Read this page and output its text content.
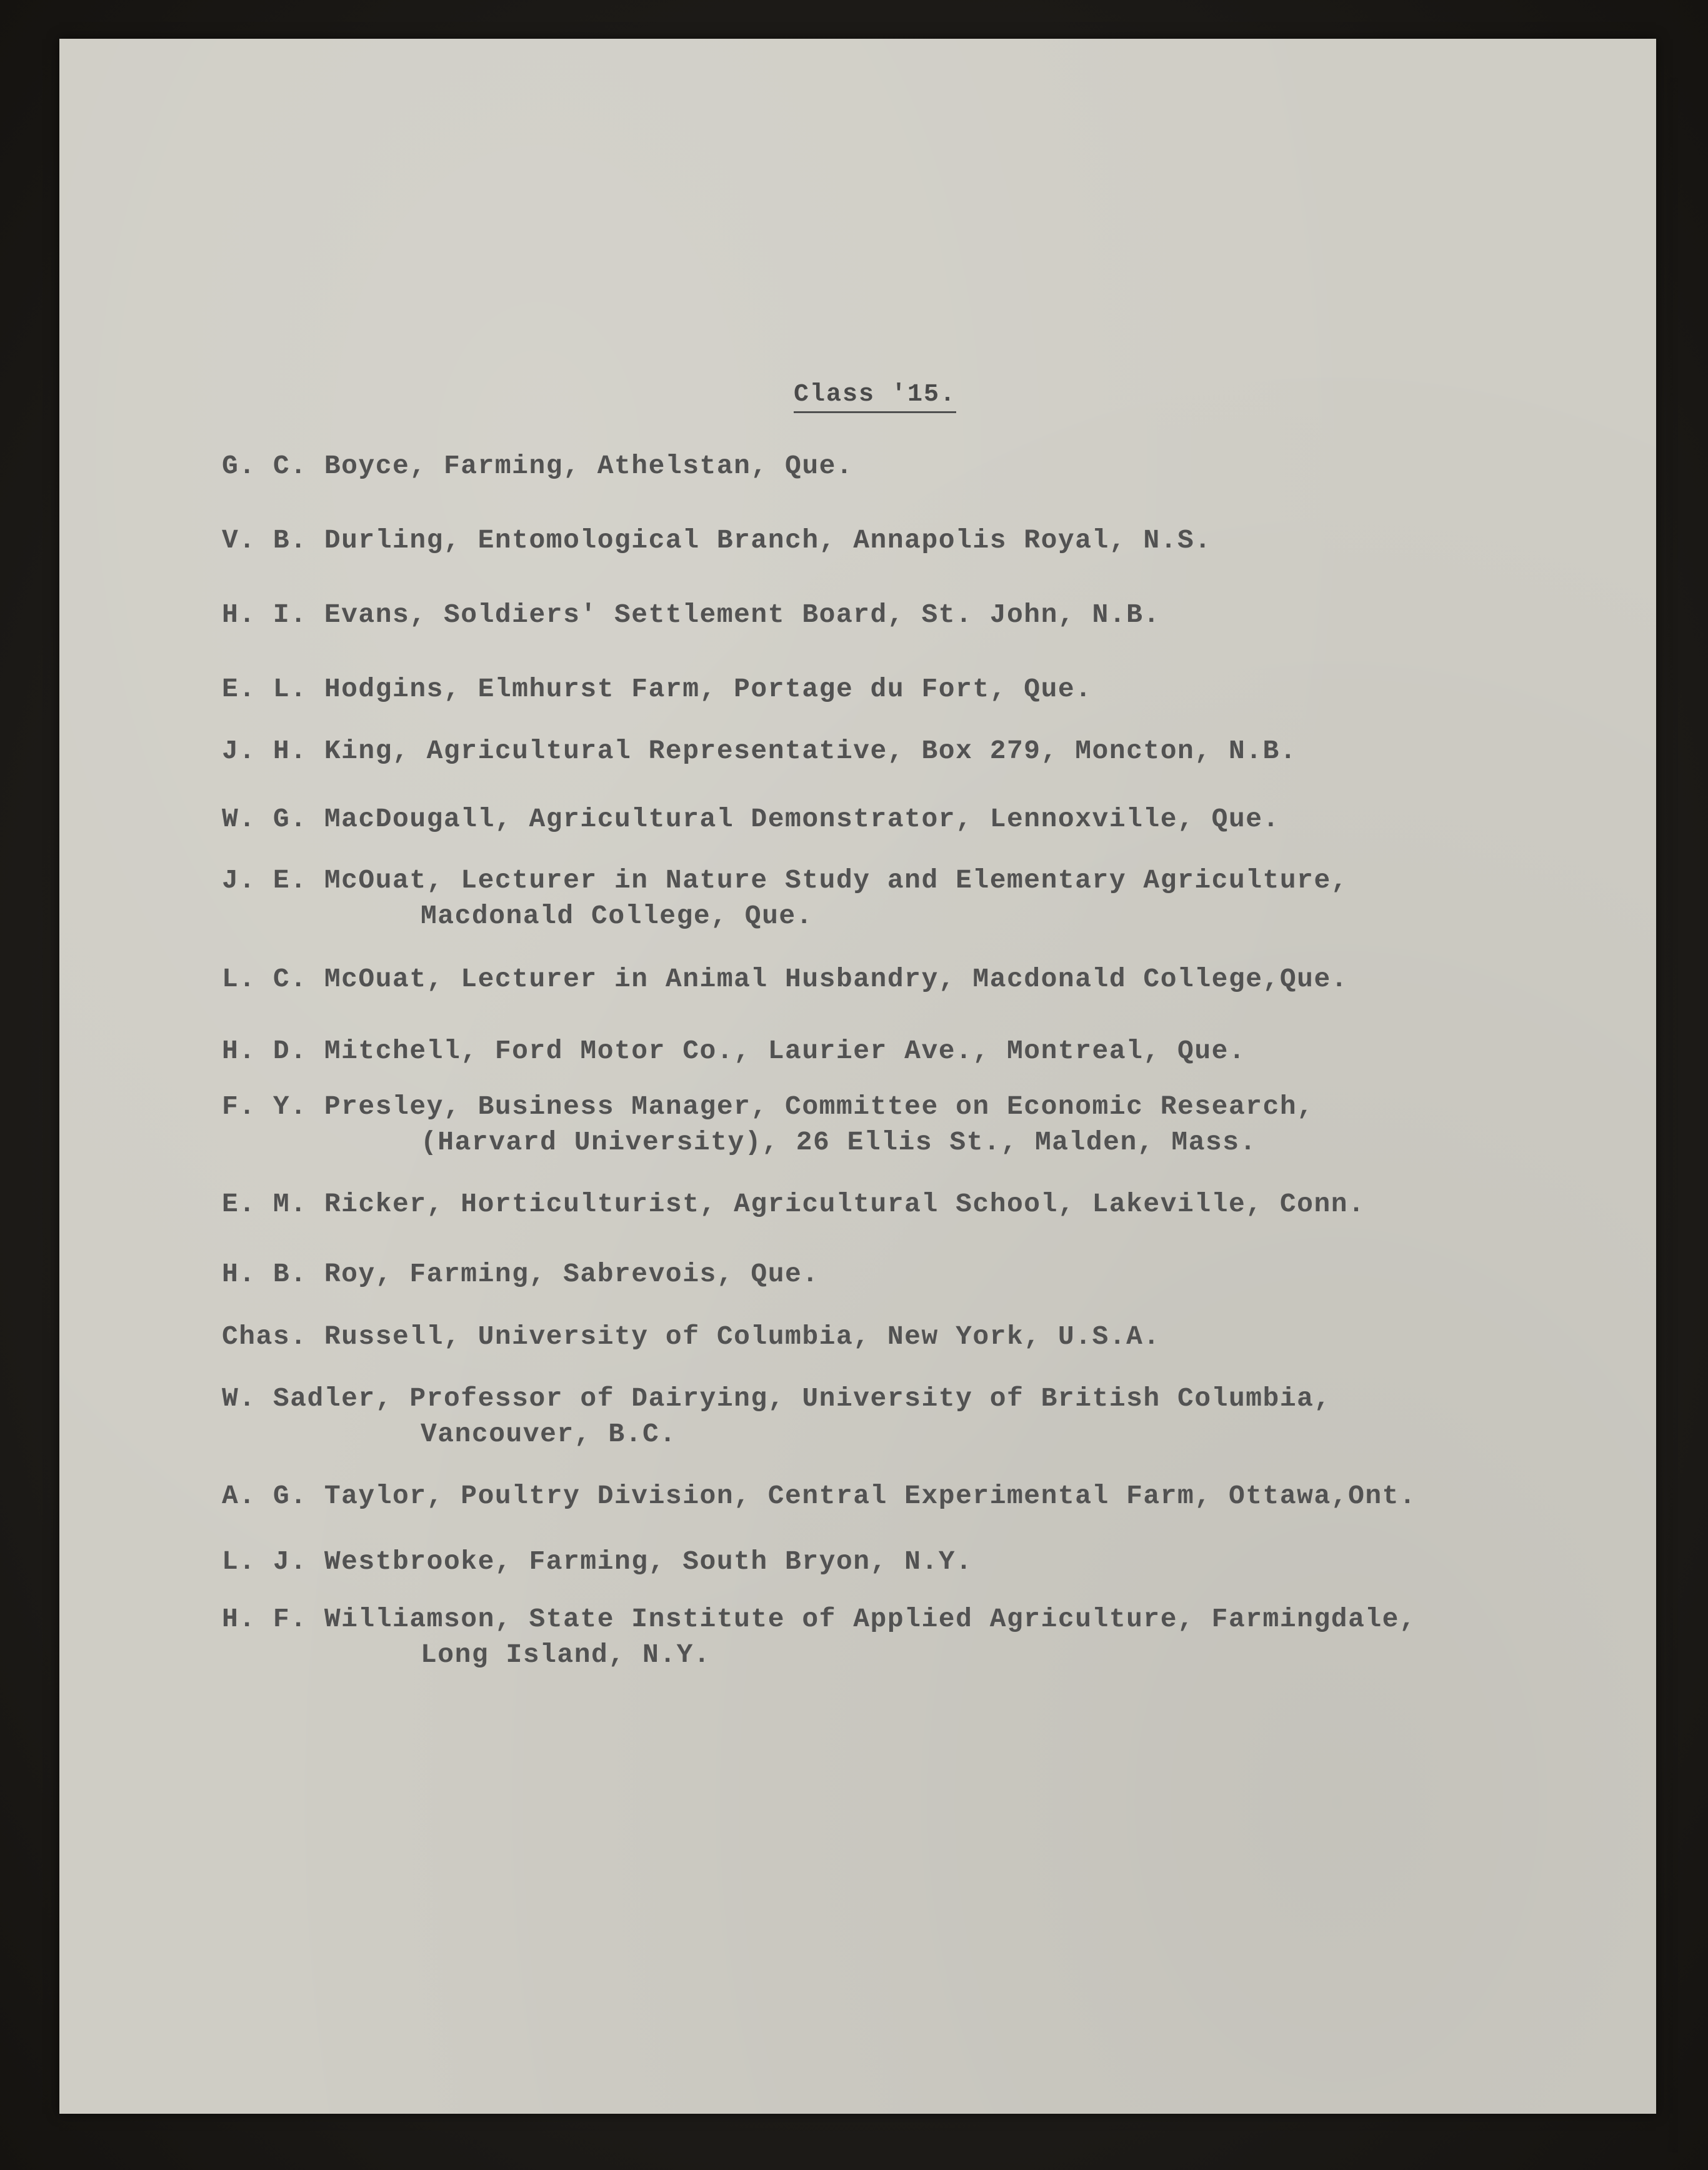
Class '15.
G. C. Boyce, Farming, Athelstan, Que.
V. B. Durling, Entomological Branch, Annapolis Royal, N.S.
H. I. Evans, Soldiers' Settlement Board, St. John, N.B.
E. L. Hodgins, Elmhurst Farm, Portage du Fort, Que.
J. H. King, Agricultural Representative, Box 279, Moncton, N.B.
W. G. MacDougall, Agricultural Demonstrator, Lennoxville, Que.
J. E. McOuat, Lecturer in Nature Study and Elementary Agriculture,
Macdonald College, Que.
L. C. McOuat, Lecturer in Animal Husbandry, Macdonald College,Que.
H. D. Mitchell, Ford Motor Co., Laurier Ave., Montreal, Que.
F. Y. Presley, Business Manager, Committee on Economic Research,
(Harvard University), 26 Ellis St., Malden, Mass.
E. M. Ricker, Horticulturist, Agricultural School, Lakeville, Conn.
H. B. Roy, Farming, Sabrevois, Que.
Chas. Russell, University of Columbia, New York, U.S.A.
W. Sadler, Professor of Dairying, University of British Columbia,
Vancouver, B.C.
A. G. Taylor, Poultry Division, Central Experimental Farm, Ottawa,Ont.
L. J. Westbrooke, Farming, South Bryon, N.Y.
H. F. Williamson, State Institute of Applied Agriculture, Farmingdale,
Long Island, N.Y.
